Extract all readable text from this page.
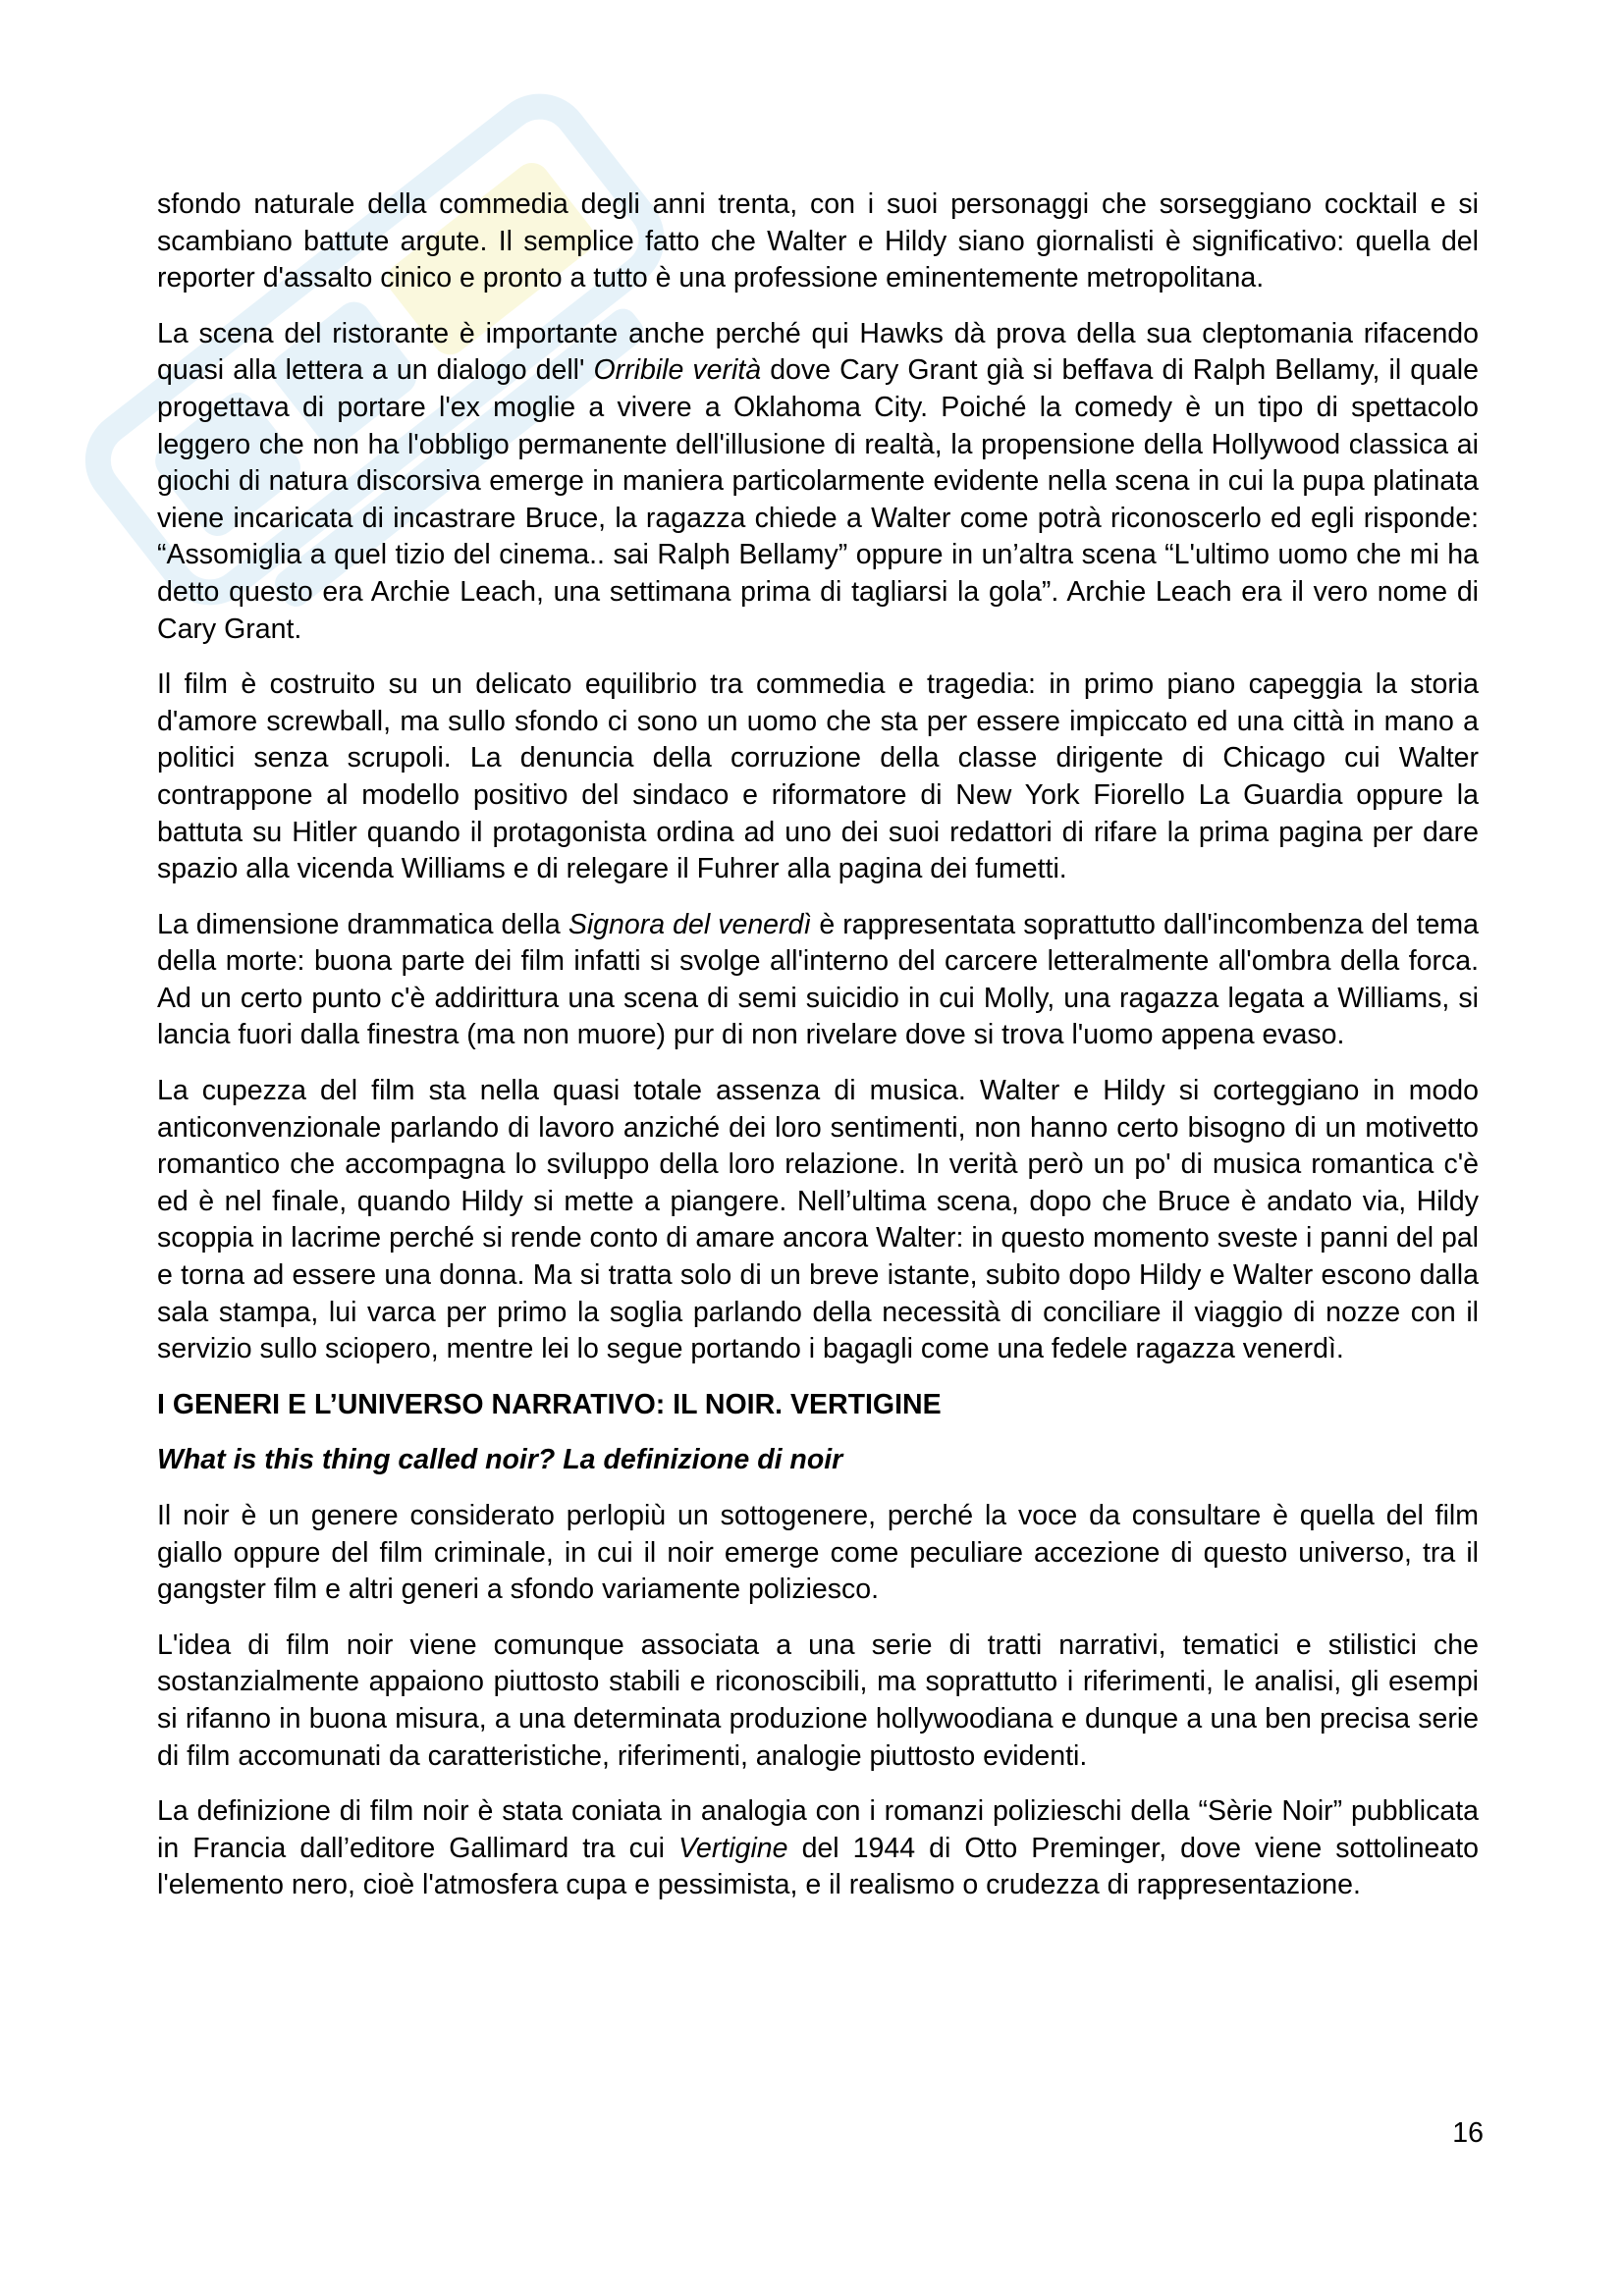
sfondo naturale della commedia degli anni trenta, con i suoi personaggi che sorseggiano cocktail e si scambiano battute argute. Il semplice fatto che Walter e Hildy siano giornalisti è significativo: quella del reporter d'assalto cinico e pronto a tutto è una professione eminentemente metropolitana.

La scena del ristorante è importante anche perché qui Hawks dà prova della sua cleptomania rifacendo quasi alla lettera a un dialogo dell' Orribile verità dove Cary Grant già si beffava di Ralph Bellamy, il quale progettava di portare l'ex moglie a vivere a Oklahoma City. Poiché la comedy è un tipo di spettacolo leggero che non ha l'obbligo permanente dell'illusione di realtà, la propensione della Hollywood classica ai giochi di natura discorsiva emerge in maniera particolarmente evidente nella scena in cui la pupa platinata viene incaricata di incastrare Bruce, la ragazza chiede a Walter come potrà riconoscerlo ed egli risponde: “Assomiglia a quel tizio del cinema.. sai Ralph Bellamy” oppure in un’altra scena “L'ultimo uomo che mi ha detto questo era Archie Leach, una settimana prima di tagliarsi la gola”. Archie Leach era il vero nome di Cary Grant.

Il film è costruito su un delicato equilibrio tra commedia e tragedia: in primo piano capeggia la storia d'amore screwball, ma sullo sfondo ci sono un uomo che sta per essere impiccato ed una città in mano a politici senza scrupoli. La denuncia della corruzione della classe dirigente di Chicago cui Walter contrappone al modello positivo del sindaco e riformatore di New York Fiorello La Guardia oppure la battuta su Hitler quando il protagonista ordina ad uno dei suoi redattori di rifare la prima pagina per dare spazio alla vicenda Williams e di relegare il Fuhrer alla pagina dei fumetti.

La dimensione drammatica della Signora del venerdì è rappresentata soprattutto dall'incombenza del tema della morte: buona parte dei film infatti si svolge all'interno del carcere letteralmente all'ombra della forca. Ad un certo punto c'è addirittura una scena di semi suicidio in cui Molly, una ragazza legata a Williams, si lancia fuori dalla finestra (ma non muore) pur di non rivelare dove si trova l'uomo appena evaso.

La cupezza del film sta nella quasi totale assenza di musica. Walter e Hildy si corteggiano in modo anticonvenzionale parlando di lavoro anziché dei loro sentimenti, non hanno certo bisogno di un motivetto romantico che accompagna lo sviluppo della loro relazione. In verità però un po' di musica romantica c'è ed è nel finale, quando Hildy si mette a piangere. Nell’ultima scena, dopo che Bruce è andato via, Hildy scoppia in lacrime perché si rende conto di amare ancora Walter: in questo momento sveste i panni del pal e torna ad essere una donna. Ma si tratta solo di un breve istante, subito dopo Hildy e Walter escono dalla sala stampa, lui varca per primo la soglia parlando della necessità di conciliare il viaggio di nozze con il servizio sullo sciopero, mentre lei lo segue portando i bagagli come una fedele ragazza venerdì.

I GENERI E L’UNIVERSO NARRATIVO: IL NOIR. VERTIGINE

What is this thing called noir? La definizione di noir

Il noir è un genere considerato perlopiù un sottogenere, perché la voce da consultare è quella del film giallo oppure del film criminale, in cui il noir emerge come peculiare accezione di questo universo, tra il gangster film e altri generi a sfondo variamente poliziesco.

L'idea di film noir viene comunque associata a una serie di tratti narrativi, tematici e stilistici che sostanzialmente appaiono piuttosto stabili e riconoscibili, ma soprattutto i riferimenti, le analisi, gli esempi si rifanno in buona misura, a una determinata produzione hollywoodiana e dunque a una ben precisa serie di film accomunati da caratteristiche, riferimenti, analogie piuttosto evidenti.

La definizione di film noir è stata coniata in analogia con i romanzi polizieschi della “Sèrie Noir” pubblicata in Francia dall’editore Gallimard tra cui Vertigine del 1944 di Otto Preminger, dove viene sottolineato l'elemento nero, cioè l'atmosfera cupa e pessimista, e il realismo o crudezza di rappresentazione.

16
